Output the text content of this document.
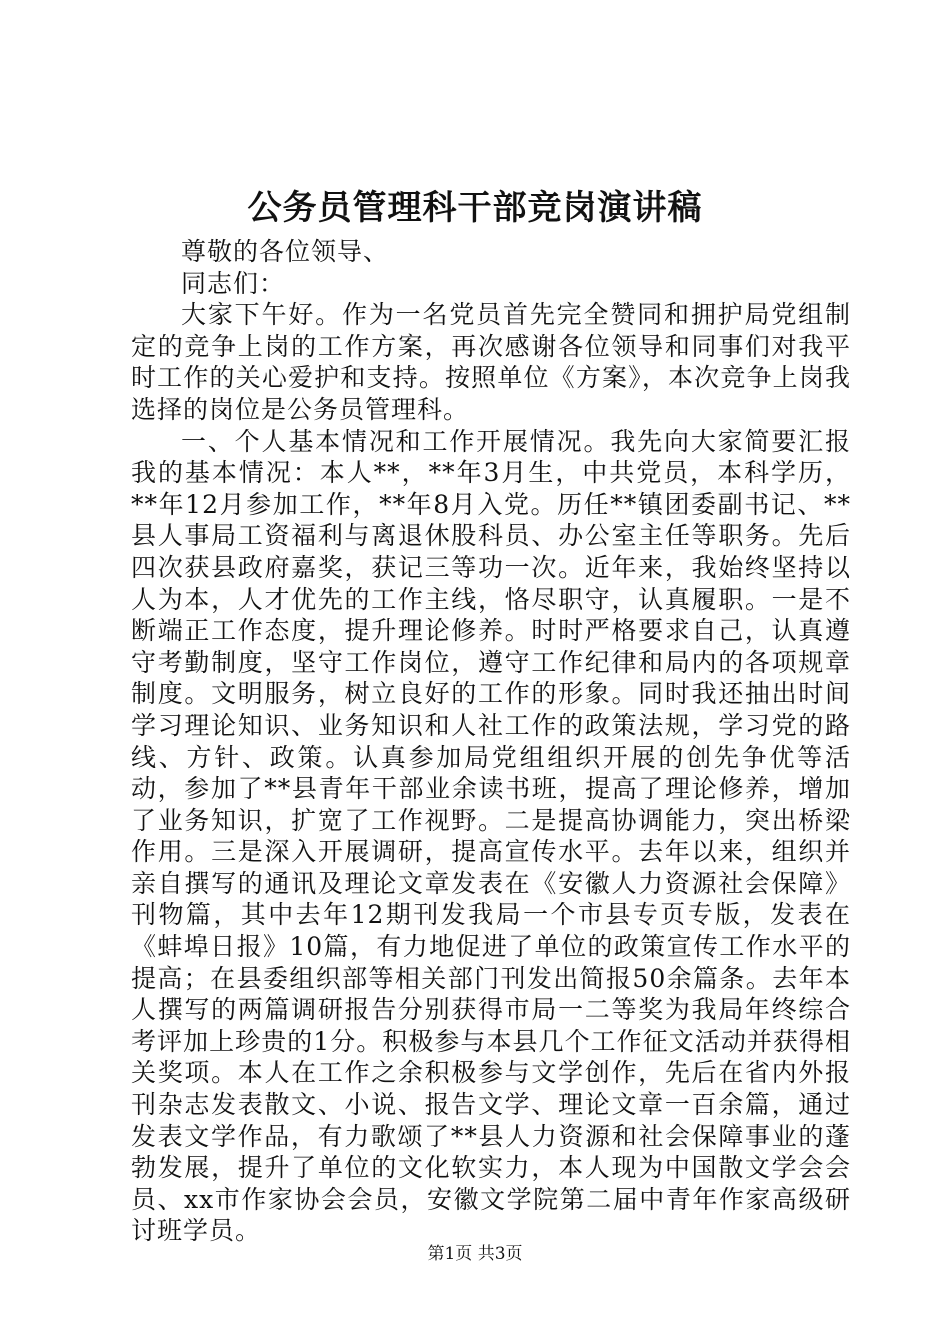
公务员管理科干部竞岗演讲稿

尊敬的各位领导、

同志们：

大家下午好。作为一名党员首先完全赞同和拥护局党组制定的竞争上岗的工作方案，再次感谢各位领导和同事们对我平时工作的关心爱护和支持。按照单位《方案》，本次竞争上岗我选择的岗位是公务员管理科。

一、个人基本情况和工作开展情况。我先向大家简要汇报我的基本情况：本人**，**年3月生，中共党员，本科学历，**年12月参加工作，**年8月入党。历任**镇团委副书记、**县人事局工资福利与离退休股科员、办公室主任等职务。先后四次获县政府嘉奖，获记三等功一次。近年来，我始终坚持以人为本，人才优先的工作主线，恪尽职守，认真履职。一是不断端正工作态度，提升理论修养。时时严格要求自己，认真遵守考勤制度，坚守工作岗位，遵守工作纪律和局内的各项规章制度。文明服务，树立良好的工作的形象。同时我还抽出时间学习理论知识、业务知识和人社工作的政策法规，学习党的路线、方针、政策。认真参加局党组组织开展的创先争优等活动，参加了**县青年干部业余读书班，提高了理论修养，增加了业务知识，扩宽了工作视野。二是提高协调能力，突出桥梁作用。三是深入开展调研，提高宣传水平。去年以来，组织并亲自撰写的通讯及理论文章发表在《安徽人力资源社会保障》刊物篇，其中去年12期刊发我局一个市县专页专版，发表在《蚌埠日报》10篇，有力地促进了单位的政策宣传工作水平的提高；在县委组织部等相关部门刊发出简报50余篇条。去年本人撰写的两篇调研报告分别获得市局一二等奖为我局年终综合考评加上珍贵的1分。积极参与本县几个工作征文活动并获得相关奖项。本人在工作之余积极参与文学创作，先后在省内外报刊杂志发表散文、小说、报告文学、理论文章一百余篇，通过发表文学作品，有力歌颂了**县人力资源和社会保障事业的蓬勃发展，提升了单位的文化软实力，本人现为中国散文学会会员、xx市作家协会会员，安徽文学院第二届中青年作家高级研讨班学员。

第1页 共3页
